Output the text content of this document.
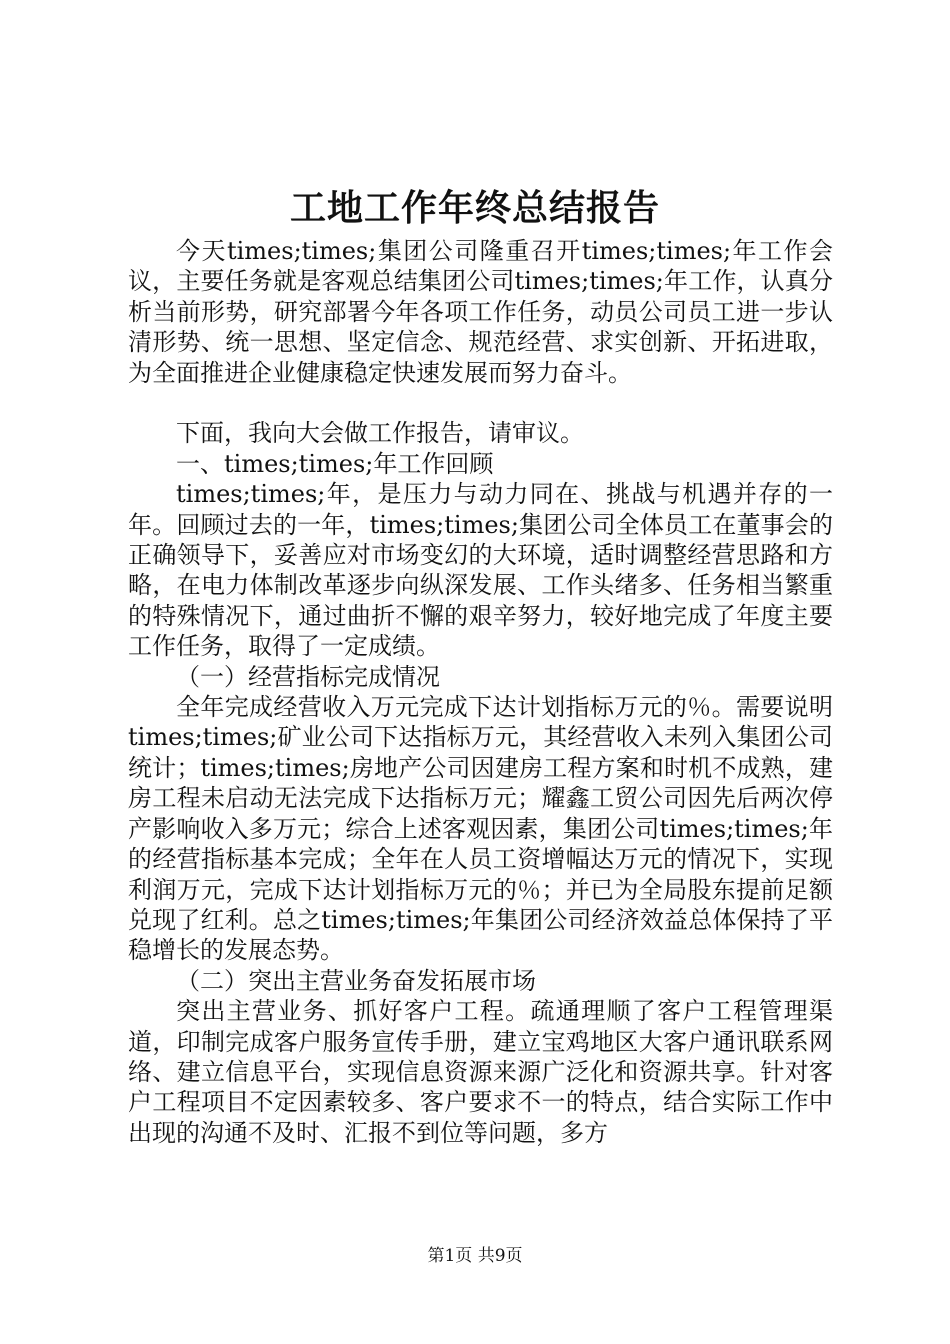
工地工作年终总结报告

今天times;times;集团公司隆重召开times;times;年工作会议，主要任务就是客观总结集团公司times;times;年工作，认真分析当前形势，研究部署今年各项工作任务，动员公司员工进一步认清形势、统一思想、坚定信念、规范经营、求实创新、开拓进取，为全面推进企业健康稳定快速发展而努力奋斗。

下面，我向大会做工作报告，请审议。

一、times;times;年工作回顾

times;times;年，是压力与动力同在、挑战与机遇并存的一年。回顾过去的一年，times;times;集团公司全体员工在董事会的正确领导下，妥善应对市场变幻的大环境，适时调整经营思路和方略，在电力体制改革逐步向纵深发展、工作头绪多、任务相当繁重的特殊情况下，通过曲折不懈的艰辛努力，较好地完成了年度主要工作任务，取得了一定成绩。

（一）经营指标完成情况

全年完成经营收入万元完成下达计划指标万元的％。需要说明times;times;矿业公司下达指标万元，其经营收入未列入集团公司统计；times;times;房地产公司因建房工程方案和时机不成熟，建房工程未启动无法完成下达指标万元；耀鑫工贸公司因先后两次停产影响收入多万元；综合上述客观因素，集团公司times;times;年的经营指标基本完成；全年在人员工资增幅达万元的情况下，实现利润万元，完成下达计划指标万元的％；并已为全局股东提前足额兑现了红利。总之times;times;年集团公司经济效益总体保持了平稳增长的发展态势。

（二）突出主营业务奋发拓展市场

突出主营业务、抓好客户工程。疏通理顺了客户工程管理渠道，印制完成客户服务宣传手册，建立宝鸡地区大客户通讯联系网络、建立信息平台，实现信息资源来源广泛化和资源共享。针对客户工程项目不定因素较多、客户要求不一的特点，结合实际工作中出现的沟通不及时、汇报不到位等问题，多方

第1页 共9页
